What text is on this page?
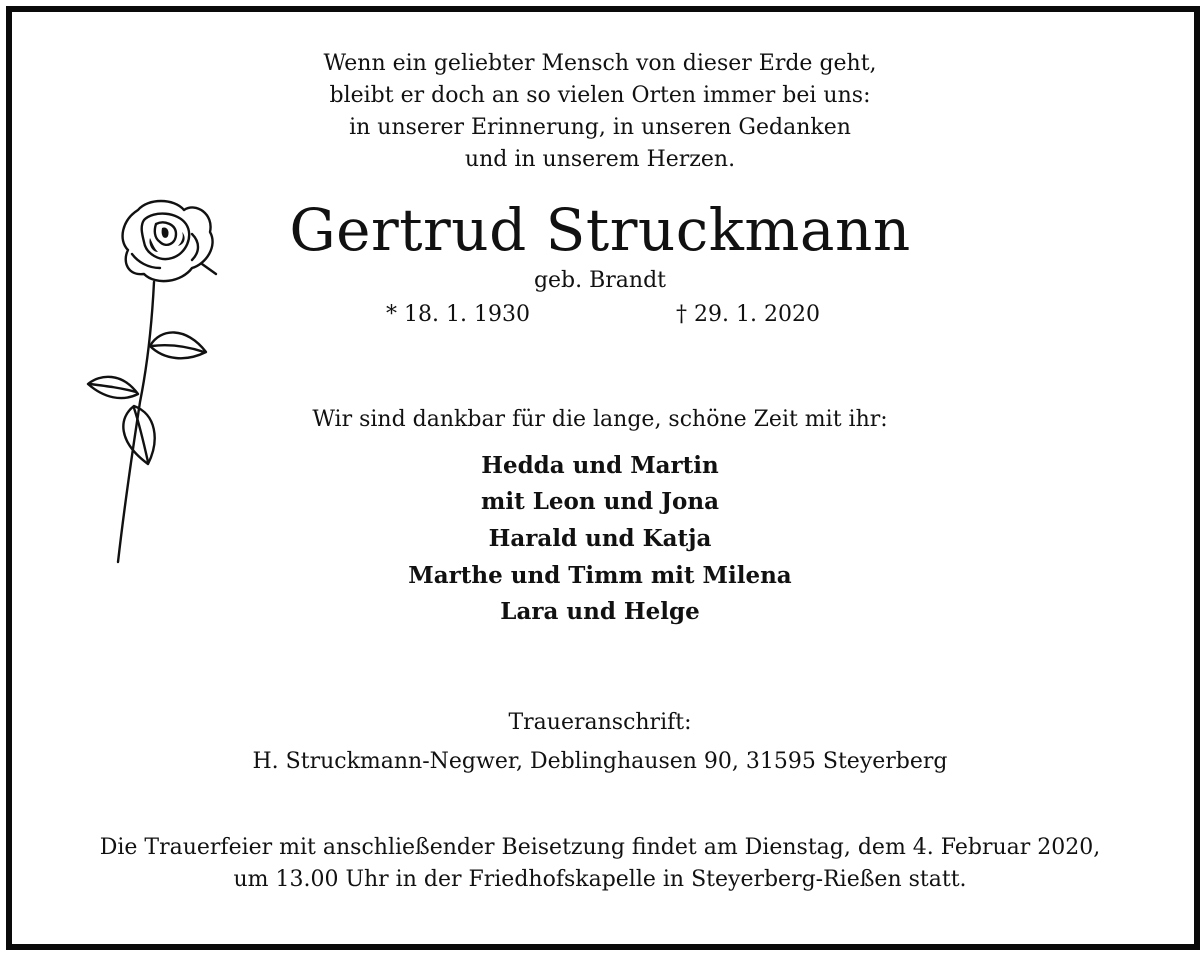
Wenn ein geliebter Mensch von dieser Erde geht,
bleibt er doch an so vielen Orten immer bei uns:
in unserer Erinnerung, in unseren Gedanken
und in unserem Herzen.
Gertrud Struckmann
geb. Brandt
* 18. 1. 1930	† 29. 1. 2020
Wir sind dankbar für die lange, schöne Zeit mit ihr:
Hedda und Martin
mit Leon und Jona
Harald und Katja
Marthe und Timm mit Milena
Lara und Helge
Traueranschrift:
H. Struckmann-Negwer, Deblinghausen 90, 31595 Steyerberg
Die Trauerfeier mit anschließender Beisetzung findet am Dienstag, dem 4. Februar 2020,
um 13.00 Uhr in der Friedhofskapelle in Steyerberg-Rießen statt.
